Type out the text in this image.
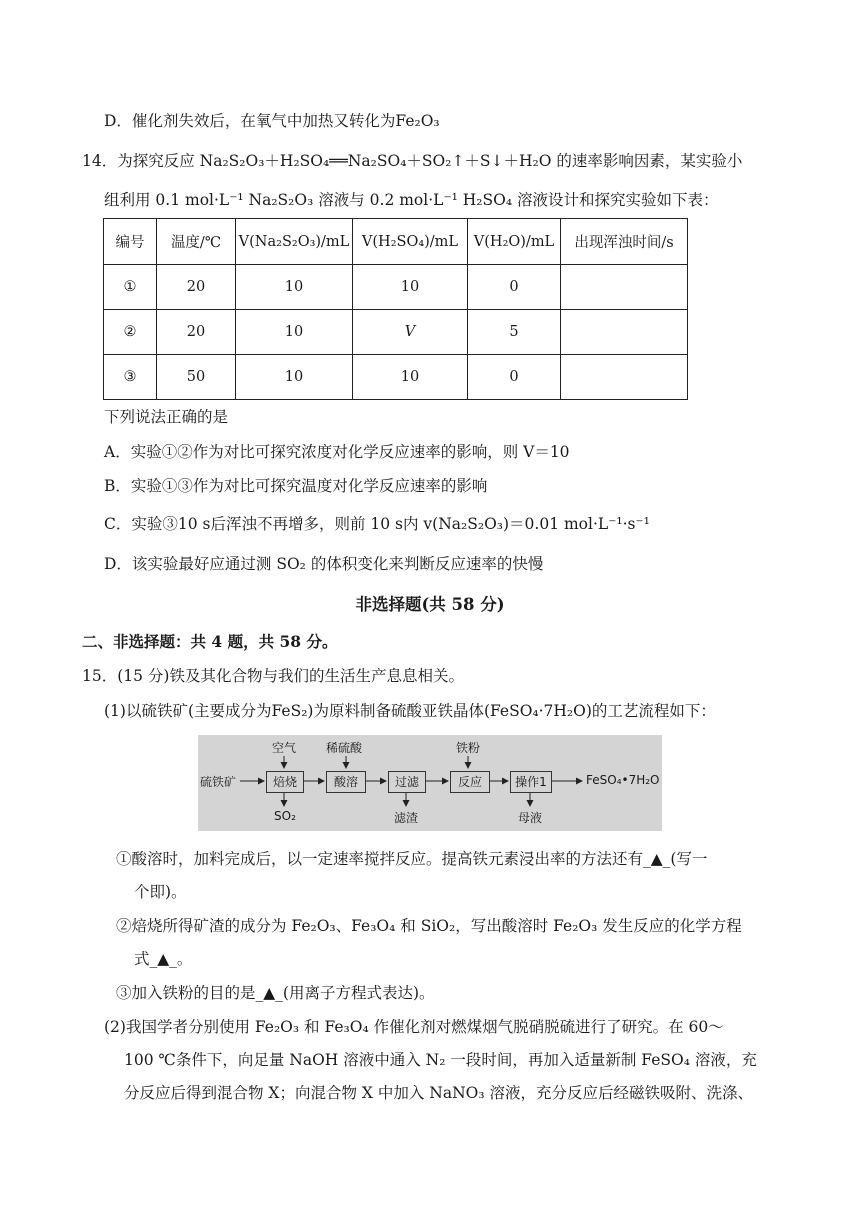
D．催化剂失效后，在氧气中加热又转化为Fe₂O₃
14．为探究反应 Na₂S₂O₃＋H₂SO₄══Na₂SO₄＋SO₂↑＋S↓＋H₂O 的速率影响因素，某实验小
组利用 0.1 mol·L⁻¹ Na₂S₂O₃ 溶液与 0.2 mol·L⁻¹ H₂SO₄ 溶液设计和探究实验如下表：
编号	温度/℃	V(Na₂S₂O₃)/mL	V(H₂SO₄)/mL	V(H₂O)/mL	出现浑浊时间/s
①	20	10	10	0	
②	20	10	V	5	
③	50	10	10	0	
下列说法正确的是
A．实验①②作为对比可探究浓度对化学反应速率的影响，则 V＝10
B．实验①③作为对比可探究温度对化学反应速率的影响
C．实验③10 s后浑浊不再增多，则前 10 s内 v(Na₂S₂O₃)＝0.01 mol·L⁻¹·s⁻¹
D．该实验最好应通过测 SO₂ 的体积变化来判断反应速率的快慢
非选择题(共 58 分)
二、非选择题：共 4 题，共 58 分。
15．(15 分)铁及其化合物与我们的生活生产息息相关。
(1)以硫铁矿(主要成分为FeS₂)为原料制备硫酸亚铁晶体(FeSO₄·7H₂O)的工艺流程如下：
硫铁矿	焙烧	酸溶	过滤	反应	操作1	FeSO₄•7H₂O
空气 稀硫酸	铁粉
SO₂	滤渣	母液
①酸溶时，加料完成后，以一定速率搅拌反应。提高铁元素浸出率的方法还有_▲_(写一
个即)。
②焙烧所得矿渣的成分为 Fe₂O₃、Fe₃O₄ 和 SiO₂，写出酸溶时 Fe₂O₃ 发生反应的化学方程
式_▲_。
③加入铁粉的目的是_▲_(用离子方程式表达)。
(2)我国学者分别使用 Fe₂O₃ 和 Fe₃O₄ 作催化剂对燃煤烟气脱硝脱硫进行了研究。在 60～
100 ℃条件下，向足量 NaOH 溶液中通入 N₂ 一段时间，再加入适量新制 FeSO₄ 溶液，充
分反应后得到混合物 X；向混合物 X 中加入 NaNO₃ 溶液，充分反应后经磁铁吸附、洗涤、
